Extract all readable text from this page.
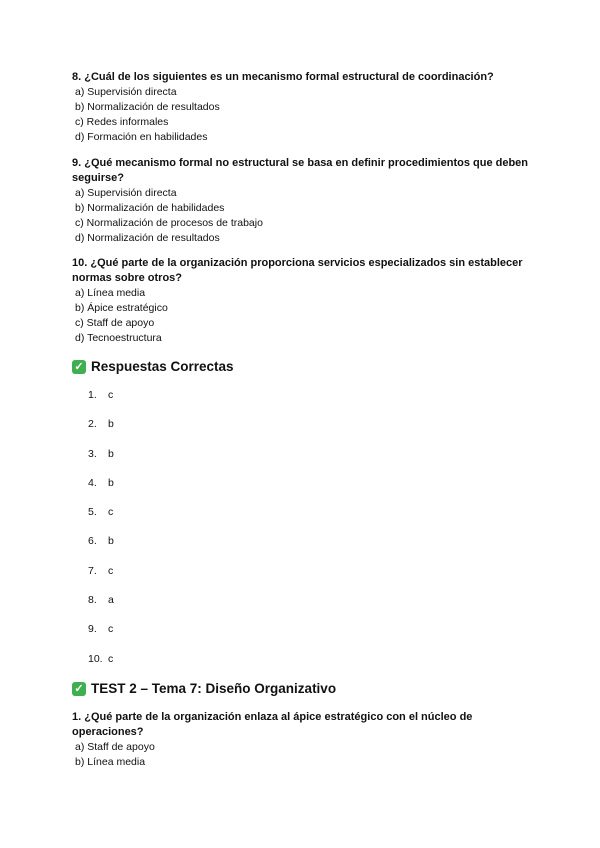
8. ¿Cuál de los siguientes es un mecanismo formal estructural de coordinación?

a) Supervisión directa

b) Normalización de resultados

c) Redes informales

d) Formación en habilidades

9. ¿Qué mecanismo formal no estructural se basa en definir procedimientos que deben seguirse?

a) Supervisión directa

b) Normalización de habilidades

c) Normalización de procesos de trabajo

d) Normalización de resultados

10. ¿Qué parte de la organización proporciona servicios especializados sin establecer normas sobre otros?

a) Línea media

b) Ápice estratégico

c) Staff de apoyo

d) Tecnoestructura

✓ Respuestas Correctas
1.	c
2.	b
3.	b
4.	b
5.	c
6.	b
7.	c
8.	a
9.	c
10. c
✓ TEST 2 – Tema 7: Diseño Organizativo

1. ¿Qué parte de la organización enlaza al ápice estratégico con el núcleo de operaciones?

a) Staff de apoyo

b) Línea media
